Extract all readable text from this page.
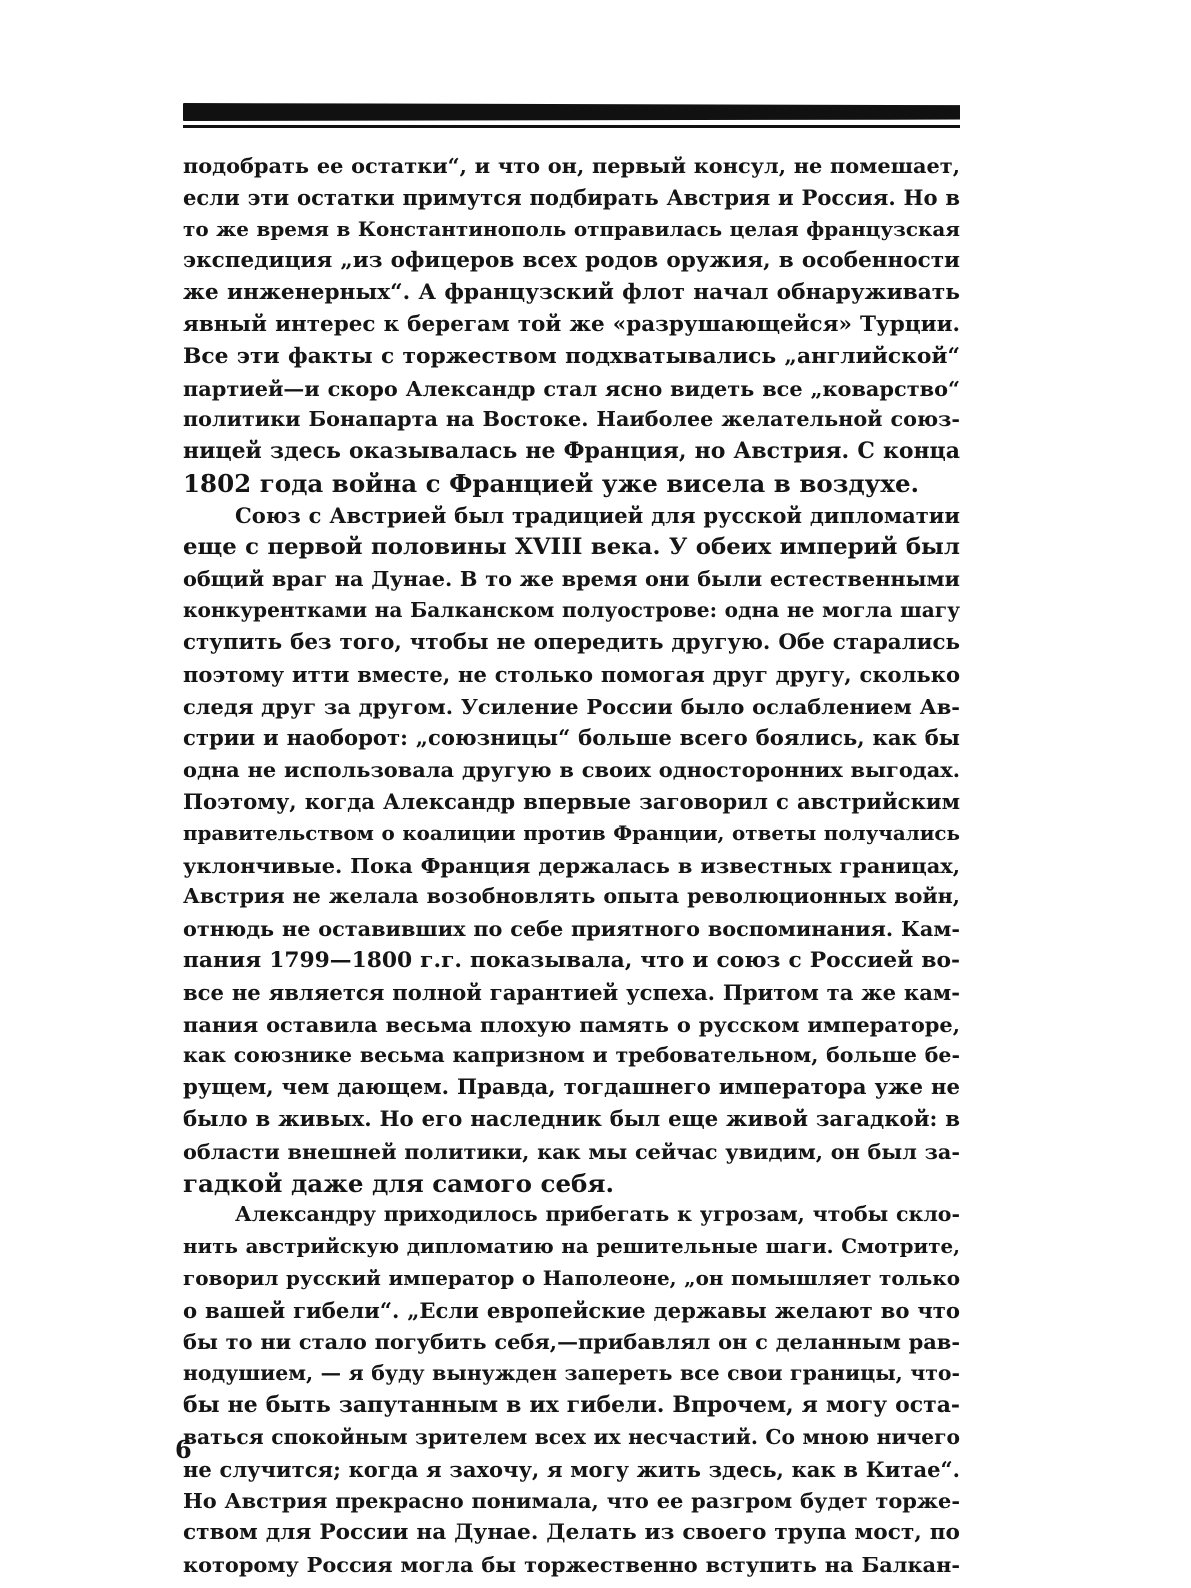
подобрать ее остатки“, и что он, первый консул, не помешает,
если эти остатки примутся подбирать Австрия и Россия. Но в
то же время в Константинополь отправилась целая французская
экспедиция „из офицеров всех родов оружия, в особенности
же инженерных“. А французский флот начал обнаруживать
явный интерес к берегам той же «разрушающейся» Турции.
Все эти факты с торжеством подхватывались „английской“
партией—и скоро Александр стал ясно видеть все „коварство“
политики Бонапарта на Востоке. Наиболее желательной союз-
ницей здесь оказывалась не Франция, но Австрия. С конца
1802 года война с Францией уже висела в воздухе.
Союз с Австрией был традицией для русской дипломатии
еще с первой половины XVIII века. У обеих империй был
общий враг на Дунае. В то же время они были естественными
конкурентками на Балканском полуострове: одна не могла шагу
ступить без того, чтобы не опередить другую. Обе старались
поэтому итти вместе, не столько помогая друг другу, сколько
следя друг за другом. Усиление России было ослаблением Ав-
стрии и наоборот: „союзницы“ больше всего боялись, как бы
одна не использовала другую в своих односторонних выгодах.
Поэтому, когда Александр впервые заговорил с австрийским
правительством о коалиции против Франции, ответы получались
уклончивые. Пока Франция держалась в известных границах,
Австрия не желала возобновлять опыта революционных войн,
отнюдь не оставивших по себе приятного воспоминания. Кам-
пания 1799—1800 г.г. показывала, что и союз с Россией во-
все не является полной гарантией успеха. Притом та же кам-
пания оставила весьма плохую память о русском императоре,
как союзнике весьма капризном и требовательном, больше бе-
рущем, чем дающем. Правда, тогдашнего императора уже не
было в живых. Но его наследник был еще живой загадкой: в
области внешней политики, как мы сейчас увидим, он был за-
гадкой даже для самого себя.
Александру приходилось прибегать к угрозам, чтобы скло-
нить австрийскую дипломатию на решительные шаги. Смотрите,
говорил русский император о Наполеоне, „он помышляет только
о вашей гибели“. „Если европейские державы желают во что
бы то ни стало погубить себя,—прибавлял он с деланным рав-
нодушием, — я буду вынужден запереть все свои границы, что-
бы не быть запутанным в их гибели. Впрочем, я могу оста-
ваться спокойным зрителем всех их несчастий. Со мною ничего
не случится; когда я захочу, я могу жить здесь, как в Китае“.
Но Австрия прекрасно понимала, что ее разгром будет торже-
ством для России на Дунае. Делать из своего трупа мост, по
которому Россия могла бы торжественно вступить на Балкан-
6
